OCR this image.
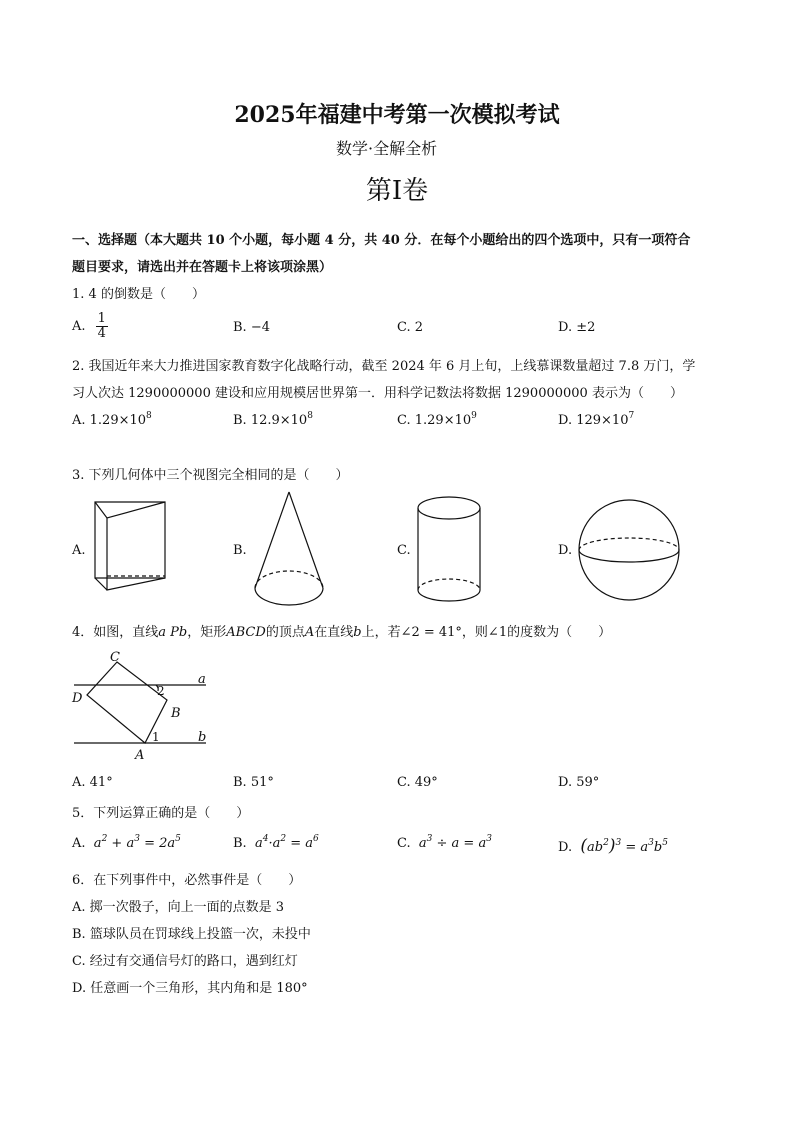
2025年福建中考第一次模拟考试
数学·全解全析
第Ⅰ卷
一、选择题（本大题共 10 个小题，每小题 4 分，共 40 分．在每个小题给出的四个选项中，只有一项符合
题目要求，请选出并在答题卡上将该项涂黑）
1. 4 的倒数是（　　）
A. $\frac{1}{4}$	B. −4	C. 2	D. ±2
2. 我国近年来大力推进国家教育数字化战略行动，截至 2024 年 6 月上旬，上线慕课数量超过 7.8 万门，学
习人次达 1290000000 建设和应用规模居世界第一．用科学记数法将数据 1290000000 表示为（　　）
A. $1.29\times 10^8$	B. $12.9\times 10^8$	C. $1.29\times 10^9$	D. $129\times 10^7$
3. 下列几何体中三个视图完全相同的是（　　）
A.	B.	C.	D.
4．如图，直线a Pb，矩形ABCD的顶点A在直线b上，若∠2 = 41°，则∠1的度数为（　　）
C
D
B
A
a
b
1
2
A. 41°	B. 51°	C. 49°	D. 59°
5．下列运算正确的是（　　）
A.  $a^2 + a^3 = 2a^5$	B.  $a^4\cdot a^2 = a^6$	C.  $a^3 \div a = a^3$
D. $(ab^2)^3 = a^3b^5$
6．在下列事件中，必然事件是（　　）
A. 掷一次骰子，向上一面的点数是 3
B. 篮球队员在罚球线上投篮一次，未投中
C. 经过有交通信号灯的路口，遇到红灯
D. 任意画一个三角形，其内角和是 180°
